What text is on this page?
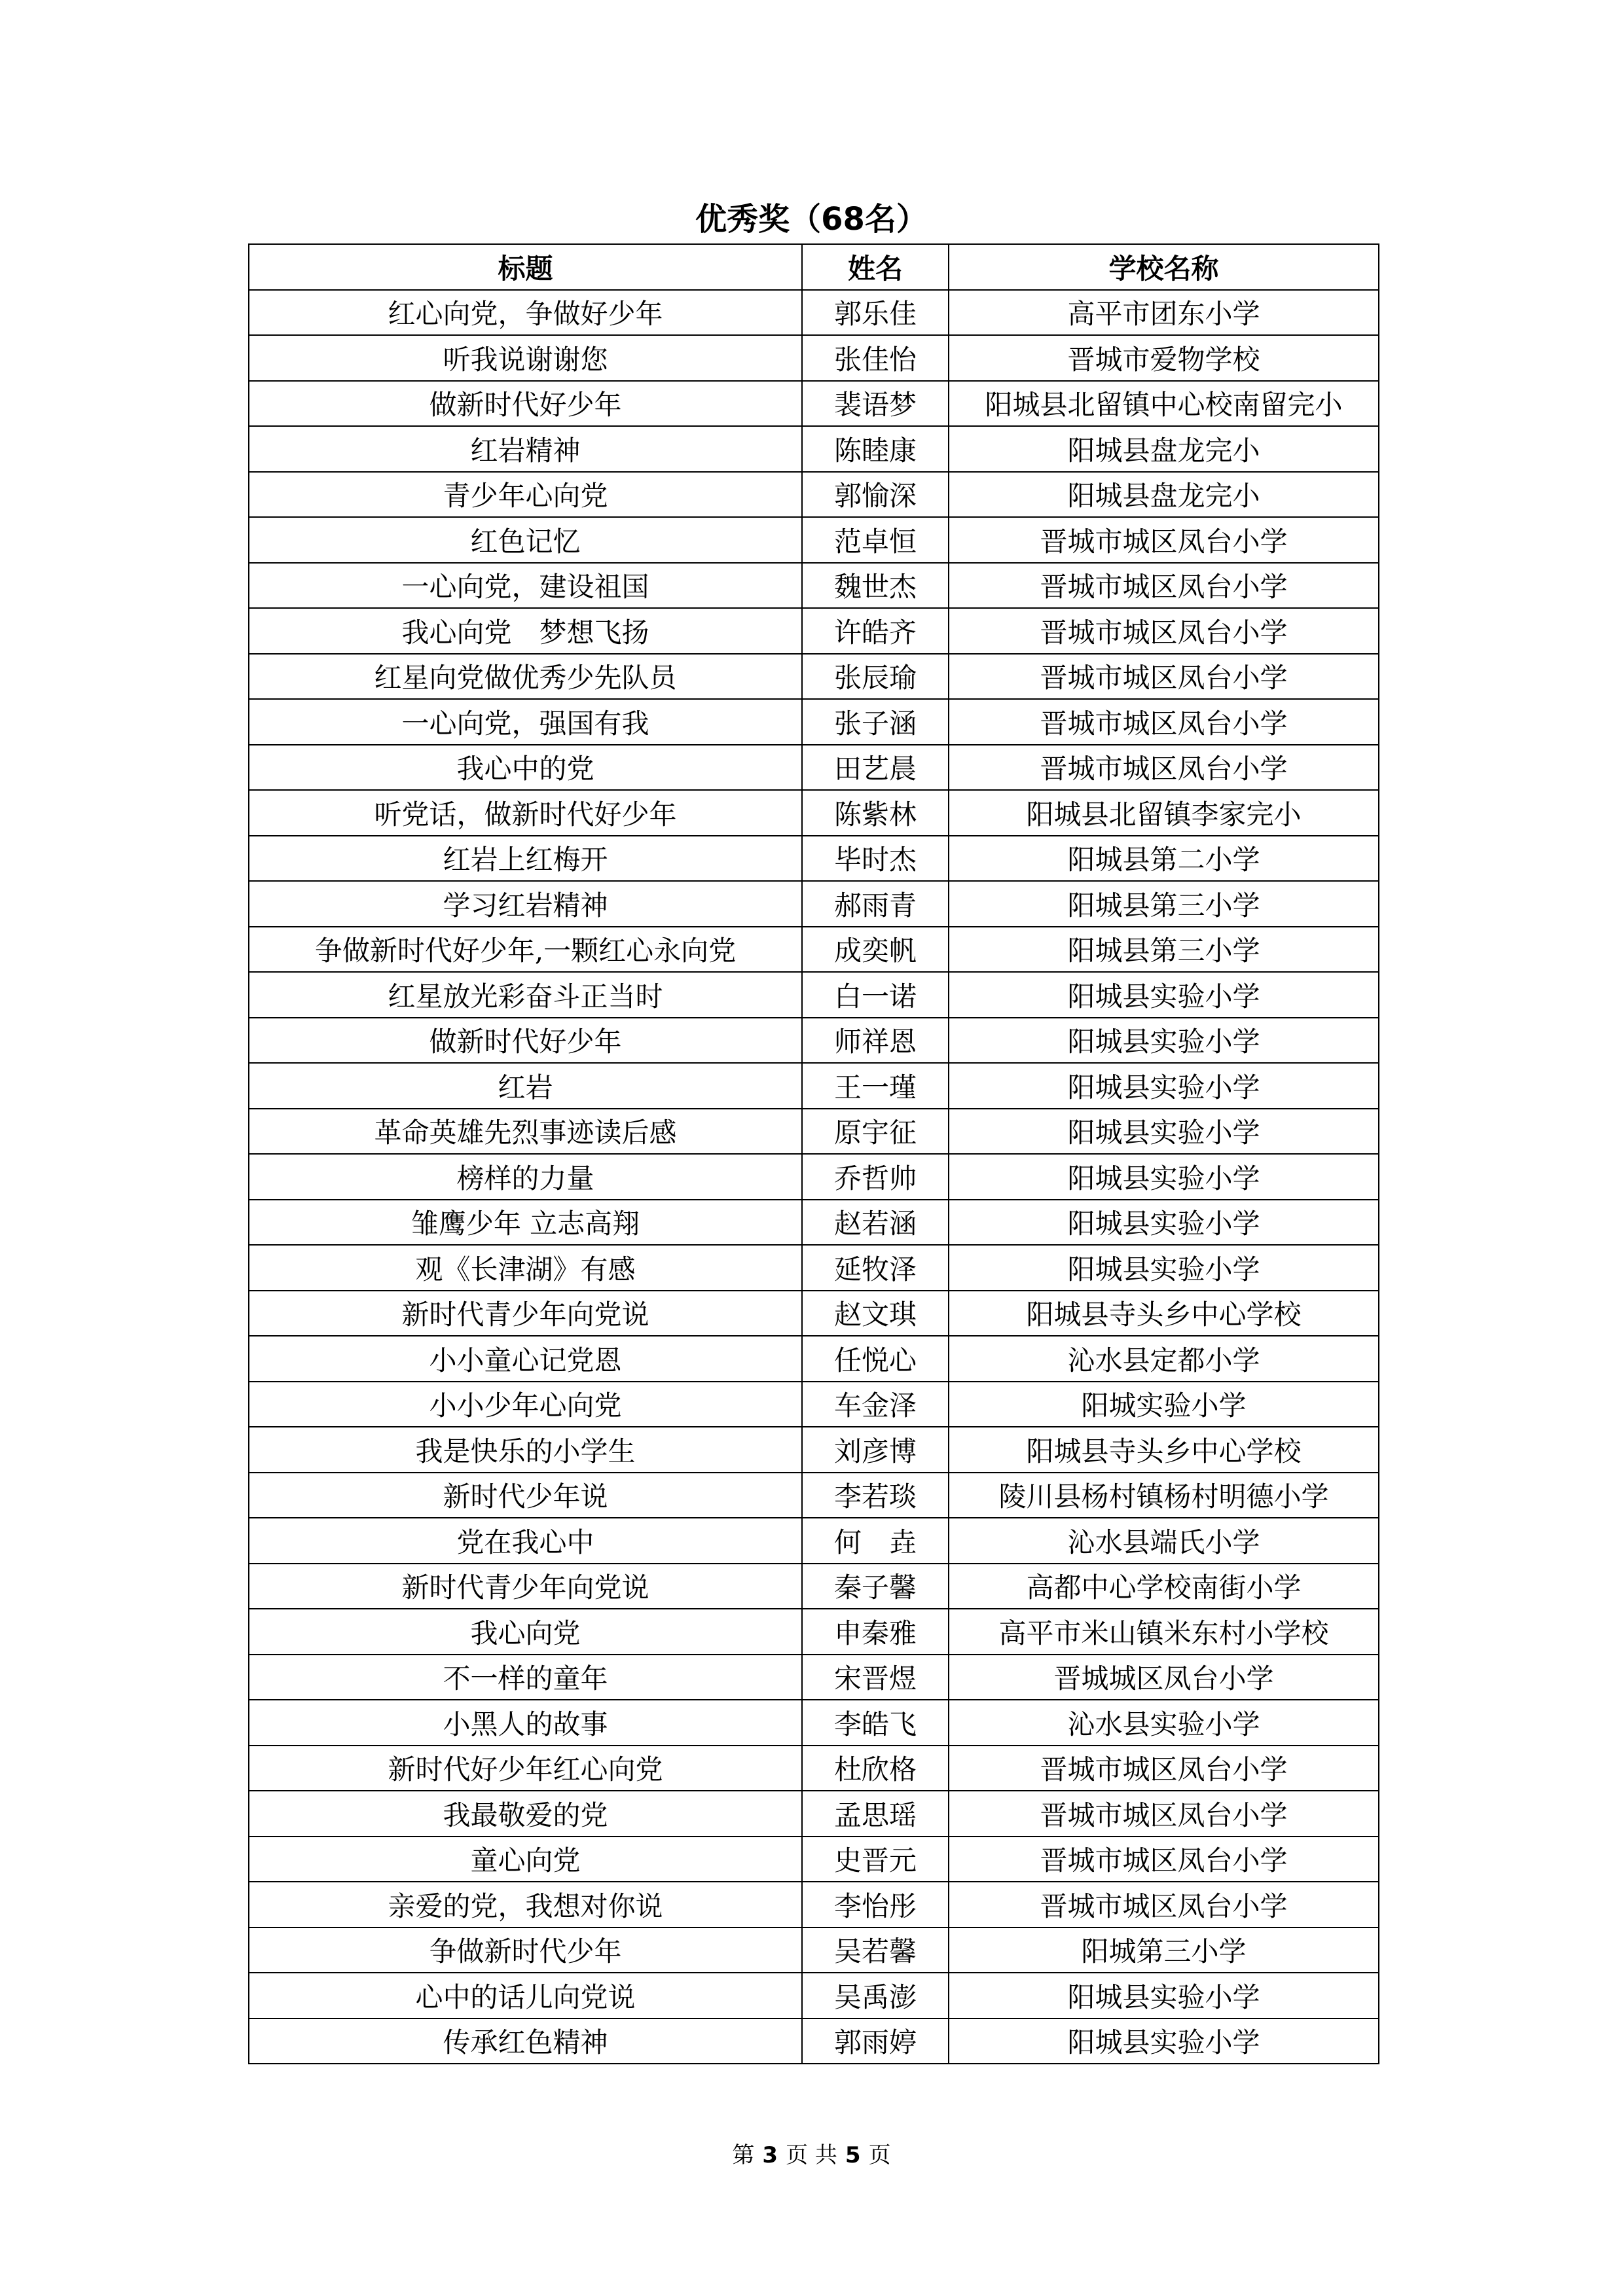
优秀奖（68名）
标题	姓名	学校名称
红心向党，争做好少年	郭乐佳	高平市团东小学
听我说谢谢您	张佳怡	晋城市爱物学校
做新时代好少年	裴语梦	阳城县北留镇中心校南留完小
红岩精神	陈睦康	阳城县盘龙完小
青少年心向党	郭愉深	阳城县盘龙完小
红色记忆	范卓恒	晋城市城区凤台小学
一心向党，建设祖国	魏世杰	晋城市城区凤台小学
我心向党　梦想飞扬	许皓齐	晋城市城区凤台小学
红星向党做优秀少先队员	张辰瑜	晋城市城区凤台小学
一心向党，强国有我	张子涵	晋城市城区凤台小学
我心中的党	田艺晨	晋城市城区凤台小学
听党话，做新时代好少年	陈紫林	阳城县北留镇李家完小
红岩上红梅开	毕时杰	阳城县第二小学
学习红岩精神	郝雨青	阳城县第三小学
争做新时代好少年,一颗红心永向党	成奕帆	阳城县第三小学
红星放光彩奋斗正当时	白一诺	阳城县实验小学
做新时代好少年	师祥恩	阳城县实验小学
红岩	王一瑾	阳城县实验小学
革命英雄先烈事迹读后感	原宇征	阳城县实验小学
榜样的力量	乔哲帅	阳城县实验小学
雏鹰少年 立志高翔	赵若涵	阳城县实验小学
观《长津湖》有感	延牧泽	阳城县实验小学
新时代青少年向党说	赵文琪	阳城县寺头乡中心学校
小小童心记党恩	任悦心	沁水县定都小学
小小少年心向党	车金泽	阳城实验小学
我是快乐的小学生	刘彦博	阳城县寺头乡中心学校
新时代少年说	李若琰	陵川县杨村镇杨村明德小学
党在我心中	何　垚	沁水县端氏小学
新时代青少年向党说	秦子馨	高都中心学校南街小学
我心向党	申秦雅	高平市米山镇米东村小学校
不一样的童年	宋晋煜	晋城城区凤台小学
小黑人的故事	李皓飞	沁水县实验小学
新时代好少年红心向党	杜欣格	晋城市城区凤台小学
我最敬爱的党	孟思瑶	晋城市城区凤台小学
童心向党	史晋元	晋城市城区凤台小学
亲爱的党，我想对你说	李怡彤	晋城市城区凤台小学
争做新时代少年	吴若馨	阳城第三小学
心中的话儿向党说	吴禹澎	阳城县实验小学
传承红色精神	郭雨婷	阳城县实验小学
第 3 页 共 5 页
